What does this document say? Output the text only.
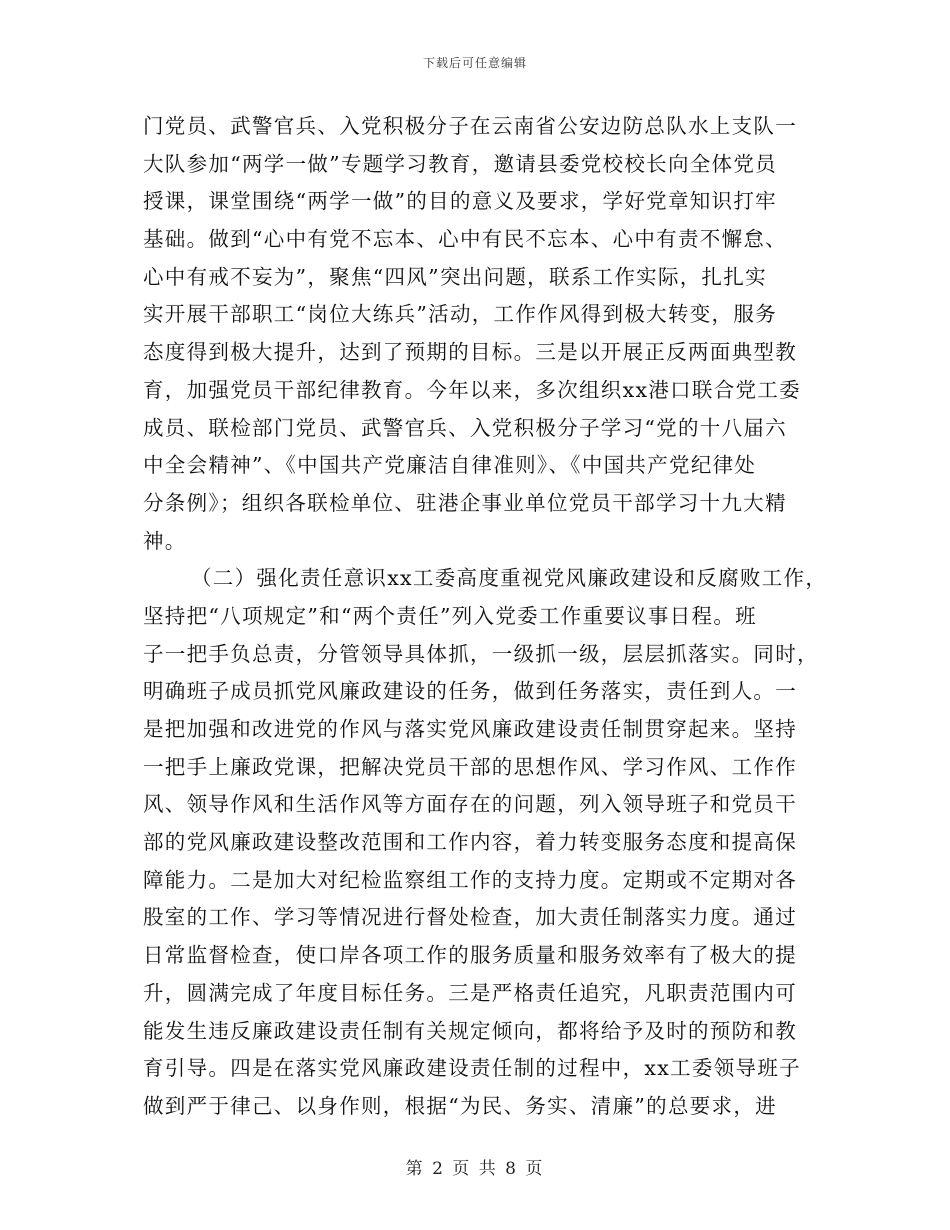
下载后可任意编辑
门党员、武警官兵、入党积极分子在云南省公安边防总队水上支队一
大队参加“两学一做”专题学习教育，邀请县委党校校长向全体党员
授课，课堂围绕“两学一做”的目的意义及要求，学好党章知识打牢
基础。做到“心中有党不忘本、心中有民不忘本、心中有责不懈怠、
心中有戒不妄为”，聚焦“四风”突出问题，联系工作实际，扎扎实
实开展干部职工“岗位大练兵”活动，工作作风得到极大转变，服务
态度得到极大提升，达到了预期的目标。三是以开展正反两面典型教
育，加强党员干部纪律教育。今年以来，多次组织xx港口联合党工委
成员、联检部门党员、武警官兵、入党积极分子学习“党的十八届六
中全会精神”、《中国共产党廉洁自律准则》、《中国共产党纪律处
分条例》；组织各联检单位、驻港企事业单位党员干部学习十九大精
神。
（二）强化责任意识xx工委高度重视党风廉政建设和反腐败工作，
坚持把“八项规定”和“两个责任”列入党委工作重要议事日程。班
子一把手负总责，分管领导具体抓，一级抓一级，层层抓落实。同时，
明确班子成员抓党风廉政建设的任务，做到任务落实，责任到人。一
是把加强和改进党的作风与落实党风廉政建设责任制贯穿起来。坚持
一把手上廉政党课，把解决党员干部的思想作风、学习作风、工作作
风、领导作风和生活作风等方面存在的问题，列入领导班子和党员干
部的党风廉政建设整改范围和工作内容，着力转变服务态度和提高保
障能力。二是加大对纪检监察组工作的支持力度。定期或不定期对各
股室的工作、学习等情况进行督处检查，加大责任制落实力度。通过
日常监督检查，使口岸各项工作的服务质量和服务效率有了极大的提
升，圆满完成了年度目标任务。三是严格责任追究，凡职责范围内可
能发生违反廉政建设责任制有关规定倾向，都将给予及时的预防和教
育引导。四是在落实党风廉政建设责任制的过程中，xx工委领导班子
做到严于律己、以身作则，根据“为民、务实、清廉”的总要求，进
第 2 页 共 8 页
